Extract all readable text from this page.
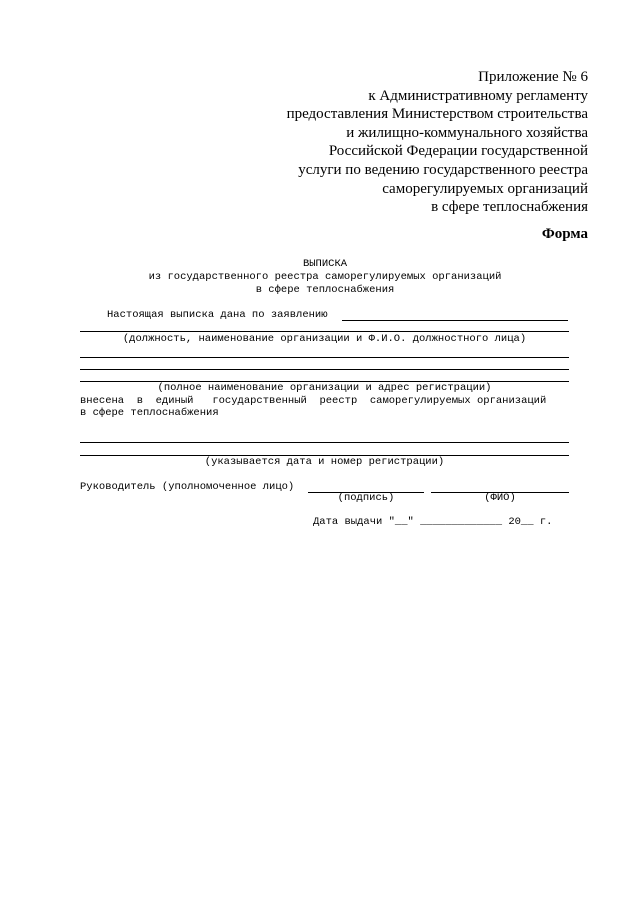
Приложение № 6
к Административному регламенту
предоставления Министерством строительства
и жилищно-коммунального хозяйства
Российской Федерации государственной
услуги по ведению государственного реестра
саморегулируемых организаций
в сфере теплоснабжения
Форма
ВЫПИСКА
из государственного реестра саморегулируемых организаций
в сфере теплоснабжения
Настоящая выписка дана по заявлению
(должность, наименование организации и Ф.И.О. должностного лица)
(полное наименование организации и адрес регистрации)
внесена  в  единый   государственный  реестр  саморегулируемых организаций
в сфере теплоснабжения
(указывается дата и номер регистрации)
Руководитель (уполномоченное лицо)
(подпись)	(ФИО)
Дата выдачи "__" _____________ 20__ г.
